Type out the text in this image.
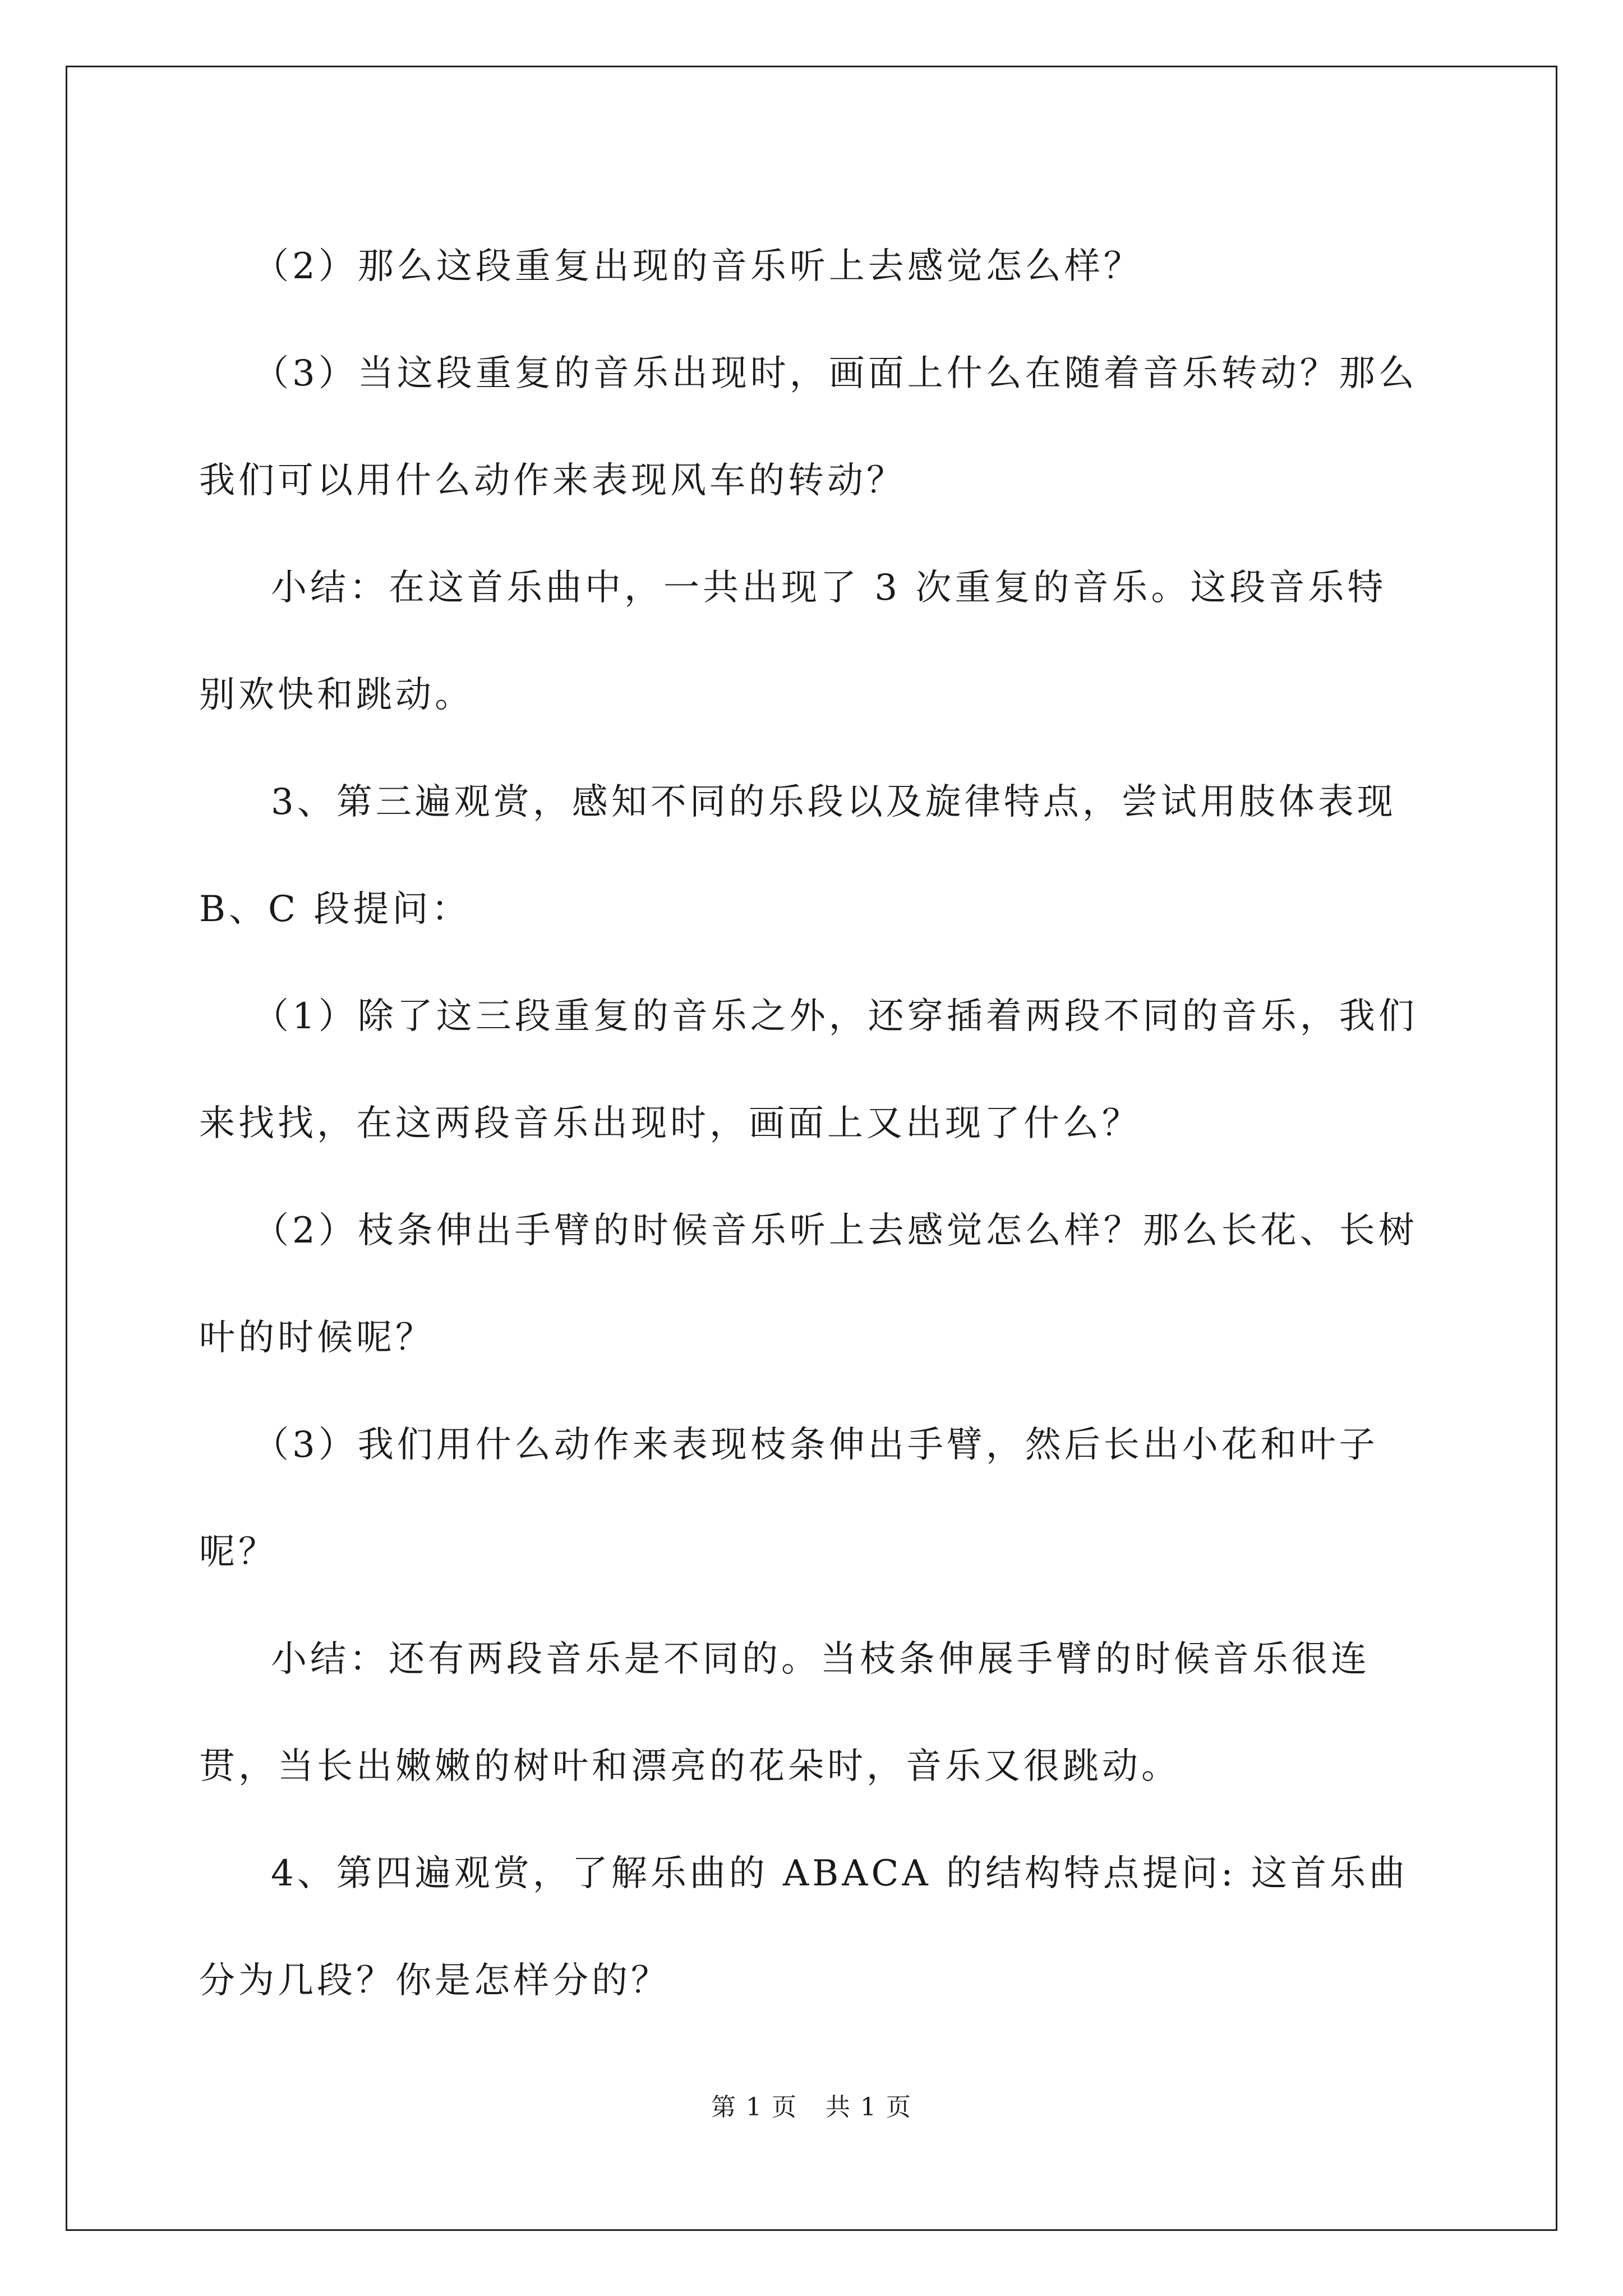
（2）那么这段重复出现的音乐听上去感觉怎么样？

（3）当这段重复的音乐出现时，画面上什么在随着音乐转动？那么我们可以用什么动作来表现风车的转动？

小结：在这首乐曲中，一共出现了 3 次重复的音乐。这段音乐特别欢快和跳动。

3、第三遍观赏，感知不同的乐段以及旋律特点，尝试用肢体表现 B、C 段提问：

（1）除了这三段重复的音乐之外，还穿插着两段不同的音乐，我们来找找，在这两段音乐出现时，画面上又出现了什么？

（2）枝条伸出手臂的时候音乐听上去感觉怎么样？那么长花、长树叶的时候呢？

（3）我们用什么动作来表现枝条伸出手臂，然后长出小花和叶子呢？

小结：还有两段音乐是不同的。当枝条伸展手臂的时候音乐很连贯，当长出嫩嫩的树叶和漂亮的花朵时，音乐又很跳动。

4、第四遍观赏，了解乐曲的 ABACA 的结构特点提问: 这首乐曲分为几段？你是怎样分的？

第 1 页 共 1 页
